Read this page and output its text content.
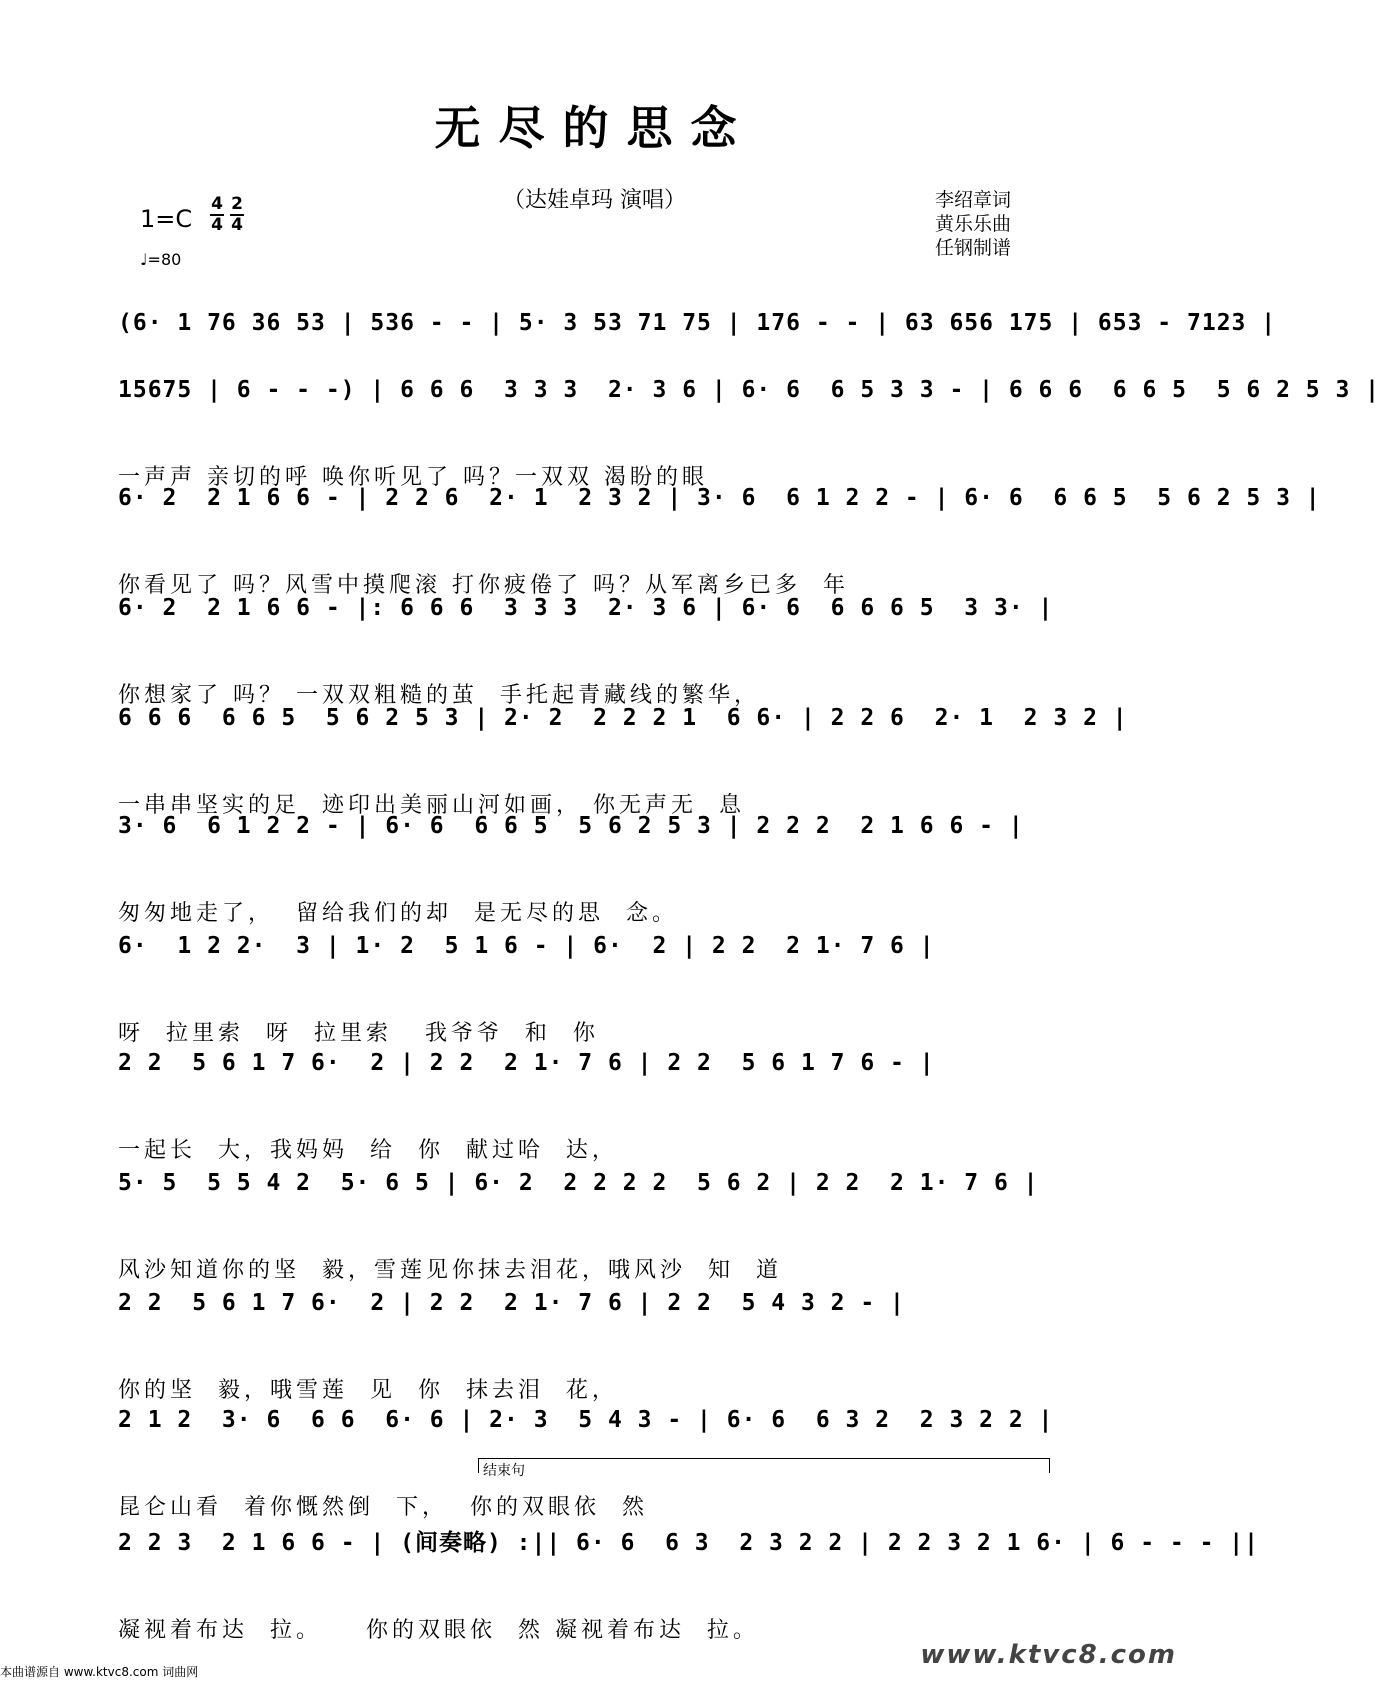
无尽的思念
（达娃卓玛 演唱）
$1=C \frac{4}{4} \frac{2}{4}$
♩=80
李绍章词
黄乐乐曲
任钢制谱

(6· 1 76 36 53 | 536 - - | 5· 3 53 71 75 | 176 - - | 63 656 175 | 653 - 7123 |

15675 | 6 - - -) | 6 6 6  3 3 3  2· 3 6 | 6· 6  6 5 3 3 - | 6 6 6  6 6 5  5 6 2 5 3 |

一声声 亲切的呼 唤你听见了 吗？一双双 渴盼的眼

6· 2  2 1 6 6 - | 2 2 6  2· 1  2 3 2 | 3· 6  6 1 2 2 - | 6· 6  6 6 5  5 6 2 5 3 |

你看见了 吗？风雪中摸爬滚 打你疲倦了 吗？从军离乡已多  年

6· 2  2 1 6 6 - |: 6 6 6  3 3 3  2· 3 6 | 6· 6  6 6 6 5  3 3· |

你想家了 吗？ 一双双粗糙的茧  手托起青藏线的繁华，

6 6 6  6 6 5  5 6 2 5 3 | 2· 2  2 2 2 1  6 6· | 2 2 6  2· 1  2 3 2 |

一串串坚实的足  迹印出美丽山河如画， 你无声无  息

3· 6  6 1 2 2 - | 6· 6  6 6 5  5 6 2 5 3 | 2 2 2  2 1 6 6 - |

匆匆地走了，  留给我们的却  是无尽的思  念。

6·  1 2 2·  3 | 1· 2  5 1 6 - | 6·  2 | 2 2  2 1· 7 6 |

呀  拉里索  呀  拉里索   我爷爷  和  你

2 2  5 6 1 7 6·  2 | 2 2  2 1· 7 6 | 2 2  5 6 1 7 6 - |

一起长  大，我妈妈  给  你  献过哈  达，

5· 5  5 5 4 2  5· 6 5 | 6· 2  2 2 2 2  5 6 2 | 2 2  2 1· 7 6 |

风沙知道你的坚  毅，雪莲见你抹去泪花，哦风沙  知  道

2 2  5 6 1 7 6·  2 | 2 2  2 1· 7 6 | 2 2  5 4 3 2 - |

你的坚  毅，哦雪莲  见  你  抹去泪  花，

2 1 2  3· 6  6 6  6· 6 | 2· 3  5 4 3 - | 6· 6  6 3 2  2 3 2 2 |

昆仑山看  着你慨然倒  下，  你的双眼依  然

结束句

2 2 3  2 1 6 6 - | (间奏略) :|| 6· 6  6 3  2 3 2 2 | 2 2 3 2 1 6· | 6 - - - ||

凝视着布达  拉。    你的双眼依  然 凝视着布达  拉。

本曲谱源自 www.ktvc8.com 词曲网
www.ktvc8.com
